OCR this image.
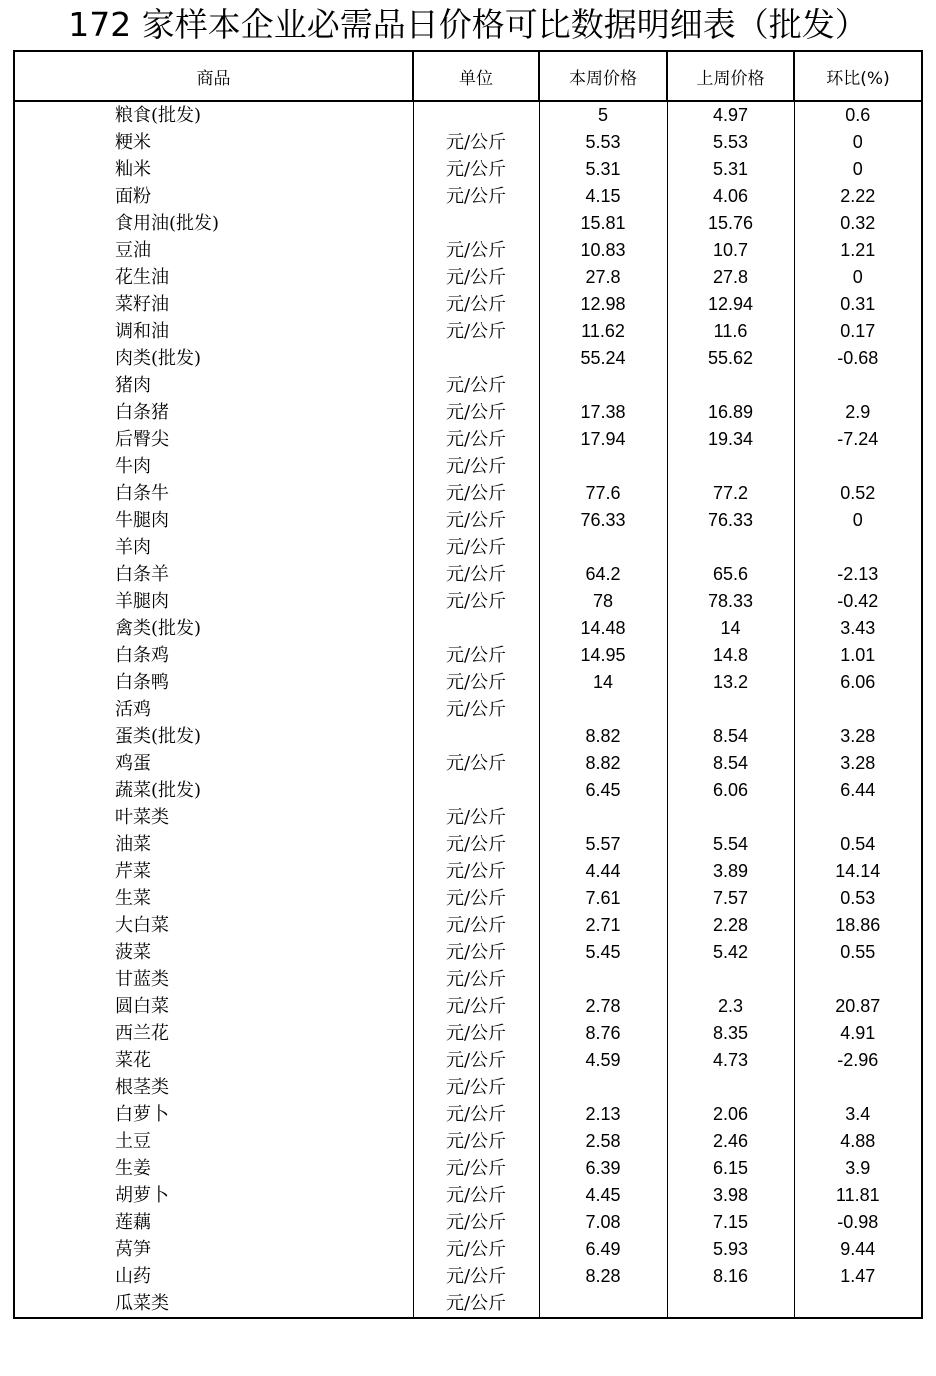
172 家样本企业必需品日价格可比数据明细表（批发）
商品	单位	本周价格	上周价格	环比(%)
粮食(批发)		5	4.97	0.6
粳米	元/公斤	5.53	5.53	0
籼米	元/公斤	5.31	5.31	0
面粉	元/公斤	4.15	4.06	2.22
食用油(批发)		15.81	15.76	0.32
豆油	元/公斤	10.83	10.7	1.21
花生油	元/公斤	27.8	27.8	0
菜籽油	元/公斤	12.98	12.94	0.31
调和油	元/公斤	11.62	11.6	0.17
肉类(批发)		55.24	55.62	-0.68
猪肉	元/公斤			
白条猪	元/公斤	17.38	16.89	2.9
后臀尖	元/公斤	17.94	19.34	-7.24
牛肉	元/公斤			
白条牛	元/公斤	77.6	77.2	0.52
牛腿肉	元/公斤	76.33	76.33	0
羊肉	元/公斤			
白条羊	元/公斤	64.2	65.6	-2.13
羊腿肉	元/公斤	78	78.33	-0.42
禽类(批发)		14.48	14	3.43
白条鸡	元/公斤	14.95	14.8	1.01
白条鸭	元/公斤	14	13.2	6.06
活鸡	元/公斤			
蛋类(批发)		8.82	8.54	3.28
鸡蛋	元/公斤	8.82	8.54	3.28
蔬菜(批发)		6.45	6.06	6.44
叶菜类	元/公斤			
油菜	元/公斤	5.57	5.54	0.54
芹菜	元/公斤	4.44	3.89	14.14
生菜	元/公斤	7.61	7.57	0.53
大白菜	元/公斤	2.71	2.28	18.86
菠菜	元/公斤	5.45	5.42	0.55
甘蓝类	元/公斤			
圆白菜	元/公斤	2.78	2.3	20.87
西兰花	元/公斤	8.76	8.35	4.91
菜花	元/公斤	4.59	4.73	-2.96
根茎类	元/公斤			
白萝卜	元/公斤	2.13	2.06	3.4
土豆	元/公斤	2.58	2.46	4.88
生姜	元/公斤	6.39	6.15	3.9
胡萝卜	元/公斤	4.45	3.98	11.81
莲藕	元/公斤	7.08	7.15	-0.98
莴笋	元/公斤	6.49	5.93	9.44
山药	元/公斤	8.28	8.16	1.47
瓜菜类	元/公斤			
